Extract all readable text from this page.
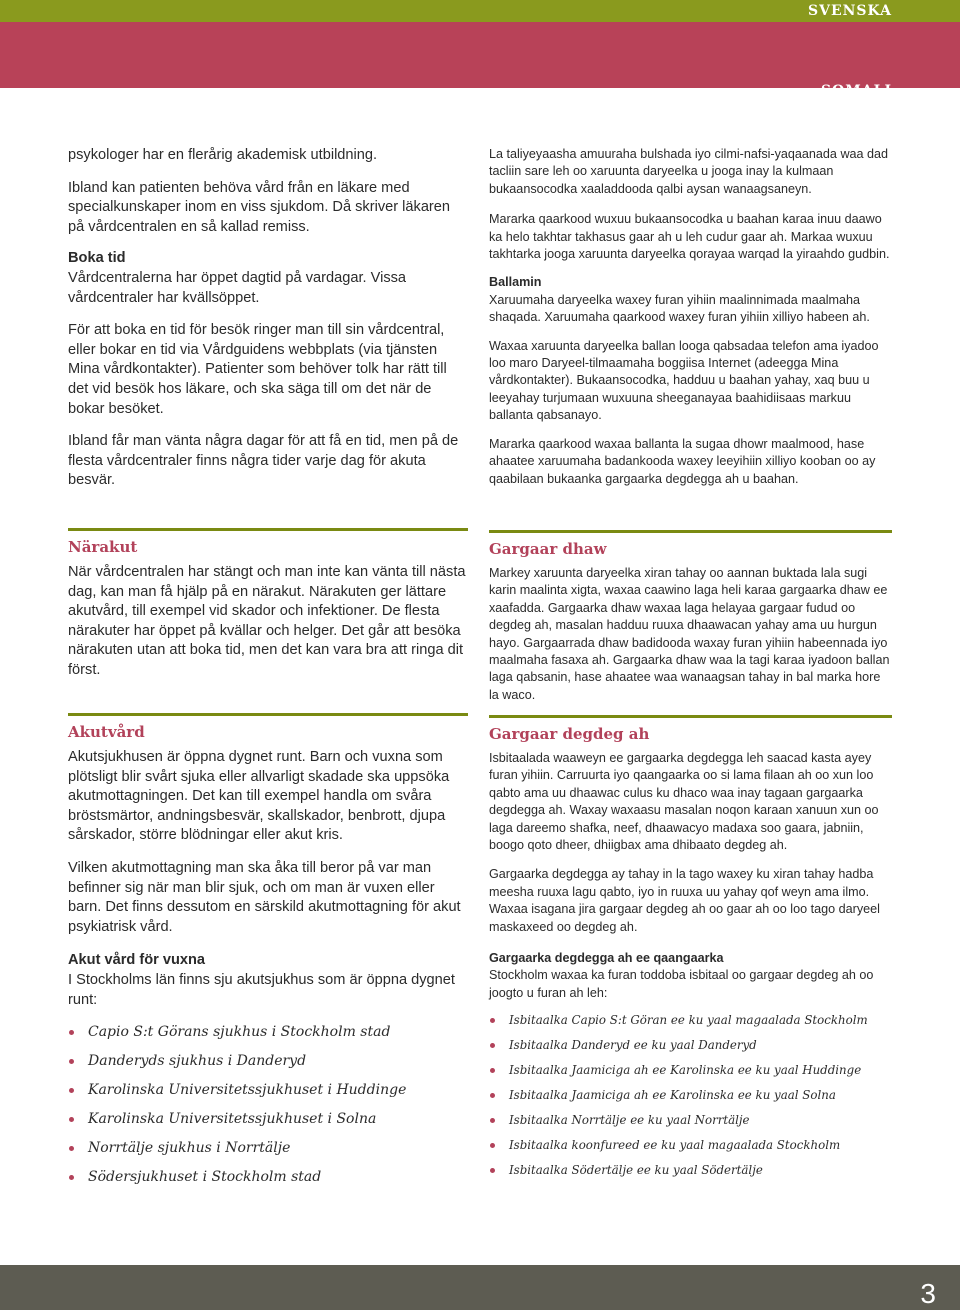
SVENSKA
SOMALI

psykologer har en flerårig akademisk utbildning.

Ibland kan patienten behöva vård från en läkare med specialkunskaper inom en viss sjukdom. Då skriver läkaren på vårdcentralen en så kallad remiss.

Boka tid

Vårdcentralerna har öppet dagtid på vardagar. Vissa vårdcentraler har kvällsöppet.

För att boka en tid för besök ringer man till sin vårdcentral, eller bokar en tid via Vårdguidens webbplats (via tjänsten Mina vårdkontakter). Patienter som behöver tolk har rätt till det vid besök hos läkare, och ska säga till om det när de bokar besöket.

Ibland får man vänta några dagar för att få en tid, men på de flesta vårdcentraler finns några tider varje dag för akuta besvär.

La taliyeyaasha amuuraha bulshada iyo cilmi-nafsi-yaqaanada waa dad tacliin sare leh oo xaruunta daryeelka u jooga inay la kulmaan bukaansocodka xaaladdooda qalbi aysan wanaagsaneyn.

Mararka qaarkood wuxuu bukaansocodka u baahan karaa inuu daawo ka helo takhtar takhasus gaar ah u leh cudur gaar ah. Markaa wuxuu takhtarka jooga xaruunta daryeelka qorayaa warqad la yiraahdo gudbin.

Ballamin

Xaruumaha daryeelka waxey furan yihiin maalinnimada maalmaha shaqada. Xaruumaha qaarkood waxey furan yihiin xilliyo habeen ah.

Waxaa xaruunta daryeelka ballan looga qabsadaa telefon ama iyadoo loo maro Daryeel-tilmaamaha boggiisa Internet (adeegga Mina vårdkontakter). Bukaansocodka, hadduu u baahan yahay, xaq buu u leeyahay turjumaan wuxuuna sheeganayaa baahidiisaas markuu ballanta qabsanayo.

Mararka qaarkood waxaa ballanta la sugaa dhowr maalmood, hase ahaatee xaruumaha badankooda waxey leeyihiin xilliyo kooban oo ay qaabilaan bukaanka gargaarka degdegga ah u baahan.

Närakut

När vårdcentralen har stängt och man inte kan vänta till nästa dag, kan man få hjälp på en närakut. Närakuten ger lättare akutvård, till exempel vid skador och infektioner. De flesta närakuter har öppet på kvällar och helger. Det går att besöka närakuten utan att boka tid, men det kan vara bra att ringa dit först.

Gargaar dhaw

Markey xaruunta daryeelka xiran tahay oo aannan buktada lala sugi karin maalinta xigta, waxaa caawino laga heli karaa gargaarka dhaw ee xaafadda. Gargaarka dhaw waxaa laga helayaa gargaar fudud oo degdeg ah, masalan hadduu ruuxa dhaawacan yahay ama uu hurgun hayo. Gargaarrada dhaw badidooda waxay furan yihiin habeennada iyo maalmaha fasaxa ah. Gargaarka dhaw waa la tagi karaa iyadoon ballan laga qabsanin, hase ahaatee waa wanaagsan tahay in bal marka hore la waco.

Akutvård

Akutsjukhusen är öppna dygnet runt. Barn och vuxna som plötsligt blir svårt sjuka eller allvarligt skadade ska uppsöka akutmottagningen. Det kan till exempel handla om svåra bröstsmärtor, andningsbesvär, skallskador, benbrott, djupa sårskador, större blödningar eller akut kris.

Vilken akutmottagning man ska åka till beror på var man befinner sig när man blir sjuk, och om man är vuxen eller barn. Det finns dessutom en särskild akutmottagning för akut psykiatrisk vård.

Akut vård för vuxna

I Stockholms län finns sju akutsjukhus som är öppna dygnet runt:

Capio S:t Görans sjukhus i Stockholm stad
Danderyds sjukhus i Danderyd
Karolinska Universitetssjukhuset i Huddinge
Karolinska Universitetssjukhuset i Solna
Norrtälje sjukhus i Norrtälje
Södersjukhuset i Stockholm stad
Gargaar degdeg ah

Isbitaalada waaweyn ee gargaarka degdegga leh saacad kasta ayey furan yihiin. Carruurta iyo qaangaarka oo si lama filaan ah oo xun loo qabto ama uu dhaawac culus ku dhaco waa inay tagaan gargaarka degdegga ah. Waxay waxaasu masalan noqon karaan xanuun xun oo laga dareemo shafka, neef, dhaawacyo madaxa soo gaara, jabniin, boogo qoto dheer, dhiigbax ama dhibaato degdeg ah.

Gargaarka degdegga ay tahay in la tago waxey ku xiran tahay hadba meesha ruuxa lagu qabto, iyo in ruuxa uu yahay qof weyn ama ilmo. Waxaa isagana jira gargaar degdeg ah oo gaar ah oo loo tago daryeel maskaxeed oo degdeg ah.

Gargaarka degdegga ah ee qaangaarka

Stockholm waxaa ka furan toddoba isbitaal oo gargaar degdeg ah oo joogto u furan ah leh:

Isbitaalka Capio S:t Göran ee ku yaal magaalada Stockholm
Isbitaalka Danderyd ee ku yaal Danderyd
Isbitaalka Jaamiciga ah ee Karolinska ee ku yaal Huddinge
Isbitaalka Jaamiciga ah ee Karolinska ee ku yaal Solna
Isbitaalka Norrtälje ee ku yaal Norrtälje
Isbitaalka koonfureed ee ku yaal magaalada Stockholm
Isbitaalka Södertälje ee ku yaal Södertälje
3
